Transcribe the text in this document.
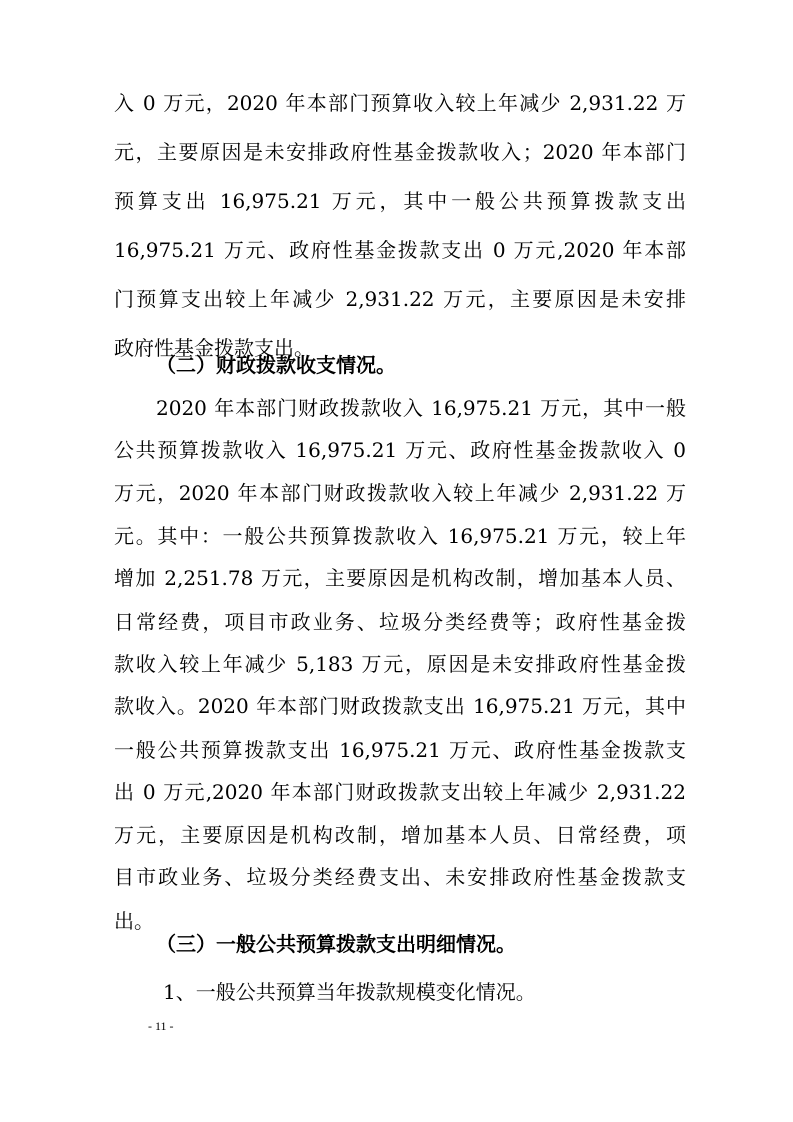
入 0 万元，2020 年本部门预算收入较上年减少 2,931.22 万
元，主要原因是未安排政府性基金拨款收入；2020 年本部门
预算支出 16,975.21 万元，其中一般公共预算拨款支出
16,975.21 万元、政府性基金拨款支出 0 万元,2020 年本部
门预算支出较上年减少 2,931.22 万元，主要原因是未安排
政府性基金拨款支出。
（二）财政拨款收支情况。
2020 年本部门财政拨款收入 16,975.21 万元，其中一般
公共预算拨款收入 16,975.21 万元、政府性基金拨款收入 0
万元，2020 年本部门财政拨款收入较上年减少 2,931.22 万
元。其中：一般公共预算拨款收入 16,975.21 万元，较上年
增加 2,251.78 万元，主要原因是机构改制，增加基本人员、
日常经费，项目市政业务、垃圾分类经费等；政府性基金拨
款收入较上年减少 5,183 万元，原因是未安排政府性基金拨
款收入。2020 年本部门财政拨款支出 16,975.21 万元，其中
一般公共预算拨款支出 16,975.21 万元、政府性基金拨款支
出 0 万元,2020 年本部门财政拨款支出较上年减少 2,931.22
万元，主要原因是机构改制，增加基本人员、日常经费，项
目市政业务、垃圾分类经费支出、未安排政府性基金拨款支
出。
（三）一般公共预算拨款支出明细情况。
- 11 -
1、一般公共预算当年拨款规模变化情况。
